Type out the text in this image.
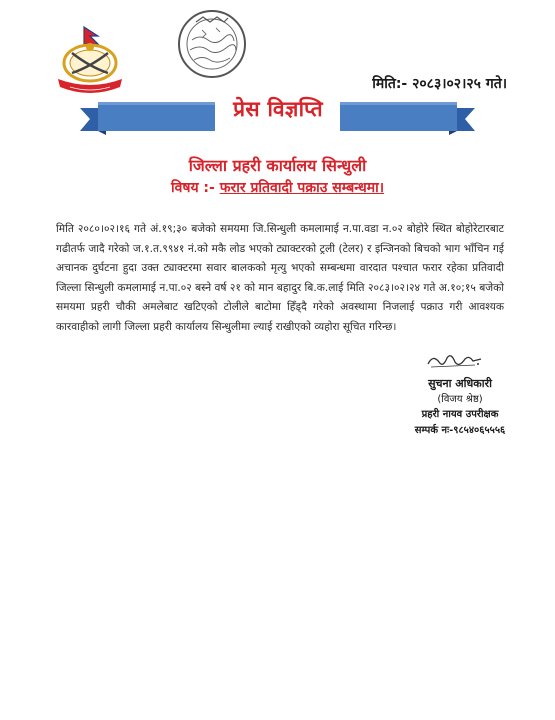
मिति:- २०८३।०२।२५ गते।
प्रेस विज्ञप्ति
जिल्ला प्रहरी कार्यालय सिन्धुली
विषय :- फरार प्रतिवादी पक्राउ सम्बन्धमा।
मिति २०८०।०२।१६ गते अं.१९;३० बजेको समयमा जि.सिन्धुली कमलामाई न.पा.वडा न.०२ बोहोरे स्थित बोहोरेटारबाट गढीतर्फ जादै गरेको ज.१.त.९९४१ नं.को मकै लोड भएको ट्याक्टरको ट्रली (टेलर) र इन्जिनको बिचको भाग भाँचिन गई अचानक दुर्घटना हुदा उक्त ट्याक्टरमा सवार बालकको मृत्यु भएको सम्बन्धमा वारदात पश्चात फरार रहेका प्रतिवादी जिल्ला सिन्धुली कमलामाई न.पा.०२ बस्ने वर्ष २१ को मान बहादुर बि.क.लाई मिति २०८३।०२।२४ गते अ.१०;१५ बजेको समयमा प्रहरी चौकी अमलेबाट खटिएको टोलीले बाटोमा हिँड्दै गरेको अवस्थामा निजलाई पक्राउ गरी आवश्यक कारवाहीको लागी जिल्ला प्रहरी कार्यालय सिन्धुलीमा ल्याई राखीएको व्यहोरा सूचित गरिन्छ।
सुचना अधिकारी
(विजय श्रेष्ठ)
प्रहरी नायव उपरीक्षक
सम्पर्क नः-९८५४०६५५५६
